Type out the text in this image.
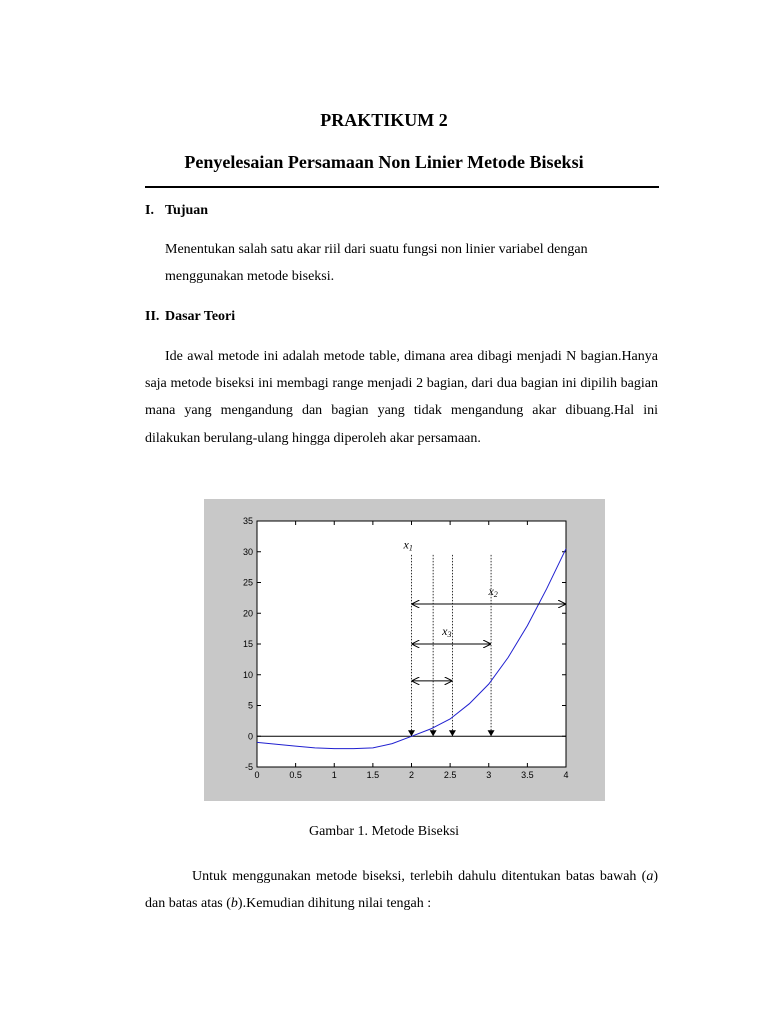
PRAKTIKUM 2
Penyelesaian Persamaan Non Linier Metode Biseksi
I. Tujuan
Menentukan salah satu akar riil dari suatu fungsi non linier variabel dengan menggunakan metode biseksi.
II. Dasar Teori
Ide awal metode ini adalah metode table, dimana area dibagi menjadi N bagian.Hanya saja metode biseksi ini membagi range menjadi 2 bagian, dari dua bagian ini dipilih bagian mana yang mengandung dan bagian yang tidak mengandung akar dibuang.Hal ini dilakukan berulang-ulang hingga diperoleh akar persamaan.
35
30
25
20
15
10
5
0
-5
0	0.5	1	1.5	2	2.5	3	3.5	4
x1
x2
x3
Gambar 1. Metode Biseksi
Untuk menggunakan metode biseksi, terlebih dahulu ditentukan batas bawah (a) dan batas atas (b).Kemudian dihitung nilai tengah :
